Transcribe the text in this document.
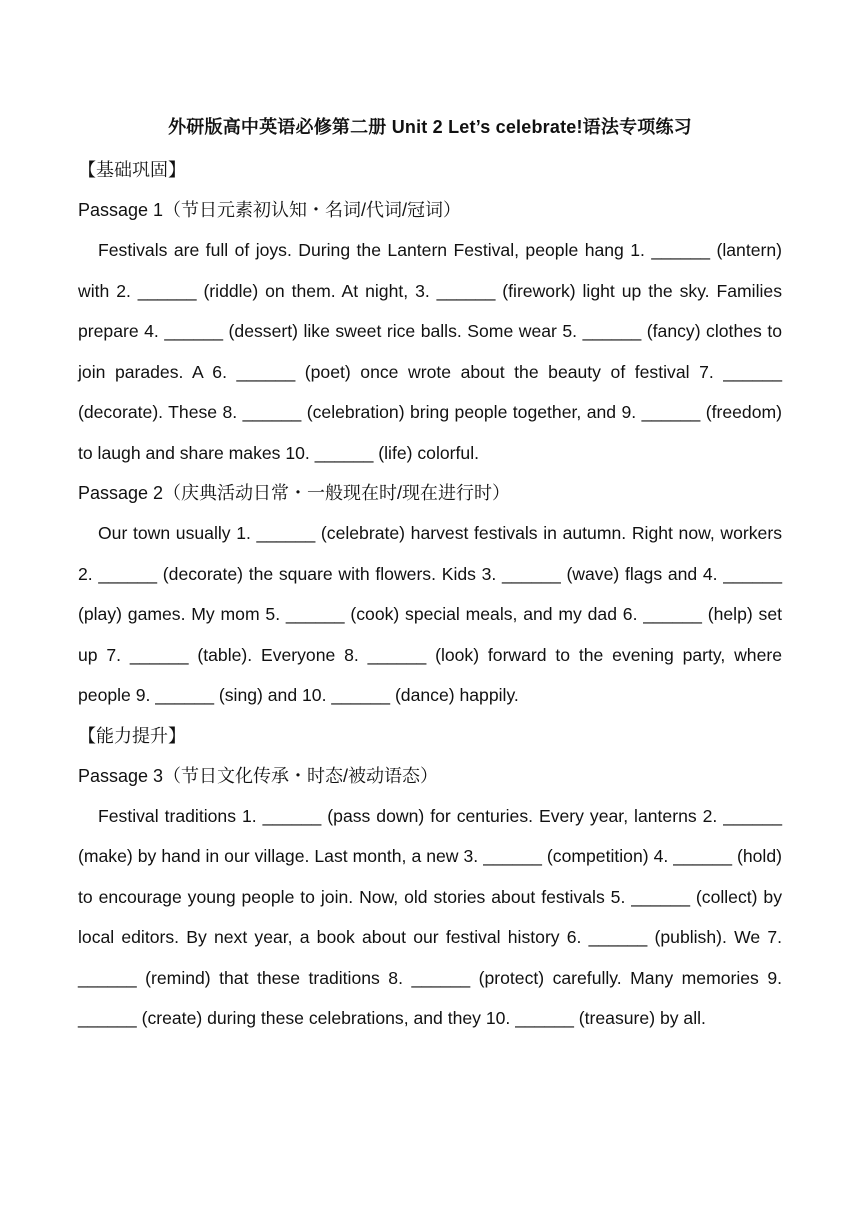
外研版高中英语必修第二册 Unit 2 Let’s celebrate!语法专项练习

【基础巩固】

Passage 1（节日元素初认知・名词/代词/冠词）

Festivals are full of joys. During the Lantern Festival, people hang 1. ______ (lantern) with 2. ______ (riddle) on them. At night, 3. ______ (firework) light up the sky. Families prepare 4. ______ (dessert) like sweet rice balls. Some wear 5. ______ (fancy) clothes to join parades. A 6. ______ (poet) once wrote about the beauty of festival 7. ______ (decorate). These 8. ______ (celebration) bring people together, and 9. ______ (freedom) to laugh and share makes 10. ______ (life) colorful.

Passage 2（庆典活动日常・一般现在时/现在进行时）

Our town usually 1. ______ (celebrate) harvest festivals in autumn. Right now, workers 2. ______ (decorate) the square with flowers. Kids 3. ______ (wave) flags and 4. ______ (play) games. My mom 5. ______ (cook) special meals, and my dad 6. ______ (help) set up 7. ______ (table). Everyone 8. ______ (look) forward to the evening party, where people 9. ______ (sing) and 10. ______ (dance) happily.

【能力提升】

Passage 3（节日文化传承・时态/被动语态）

Festival traditions 1. ______ (pass down) for centuries. Every year, lanterns 2. ______ (make) by hand in our village. Last month, a new 3. ______ (competition) 4. ______ (hold) to encourage young people to join. Now, old stories about festivals 5. ______ (collect) by local editors. By next year, a book about our festival history 6. ______ (publish). We 7. ______ (remind) that these traditions 8. ______ (protect) carefully. Many memories 9. ______ (create) during these celebrations, and they 10. ______ (treasure) by all.
